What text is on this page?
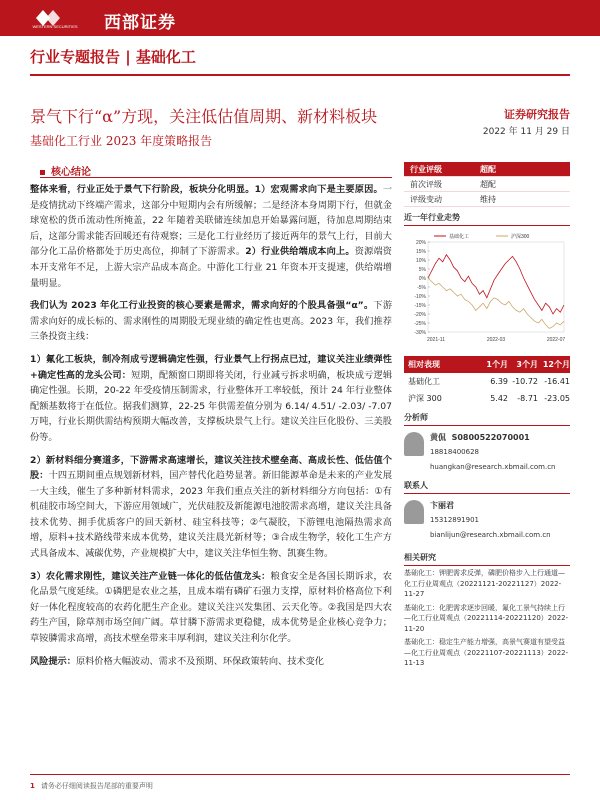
WESTERN SECURITIES 西部证券
行业专题报告 | 基础化工
景气下行“α”方现，关注低估值周期、新材料板块
基础化工行业 2023 年度策略报告
证券研究报告
2022 年 11 月 29 日
核心结论

整体来看，行业正处于景气下行阶段，板块分化明显。1）宏观需求向下是主要原因。一是疫情扰动下终端产需求，这部分中短期内会有所缓解；二是经济本身周期下行，但就金球宽松的货币流动性所掩盖，22 年随着美联储连续加息开始暴露问题，待加息周期结束后，这部分需求能否回暖还有待观察；三是化工行业经历了接近两年的景气上行，目前大部分化工品价格都处于历史高位，抑制了下游需求。2）行业供给端成本向上。资源端资本开支常年不足，上游大宗产品成本高企。中游化工行业 21 年资本开支提速，供给端增量明显。

我们认为 2023 年化工行业投资的核心要素是需求，需求向好的个股具备强“α”。下游需求向好的成长标的、需求刚性的周期股无现业绩的确定性也更高。2023 年，我们推荐三条投资主线：

1）氟化工板块，制冷剂成亏逻辑确定性强，行业景气上行拐点已过，建议关注业绩弹性+确定性高的龙头公司：短期，配额窗口期即将关闭，行业减亏拆求明确，板块成亏逻辑确定性强。长期，20-22 年受疫情压制需求，行业整体开工率较低，预计 24 年行业整体配额基数将于在低位。据我们测算，22-25 年供需差值分别为 6.14/ 4.51/ -2.03/ -7.07 万吨，行业长期供需结构预期大幅改善，支撑板块景气上行。建议关注巨化股份、三美股份等。

2）新材料细分赛道多，下游需求高速增长，建议关注技术壁垒高、高成长性、低估值个股：十四五期间重点规划新材料，国产替代化趋势显著。新旧能源革命是未来的产业发展一大主线，催生了多种新材料需求，2023 年我们重点关注的新材料细分方向包括：①有机硅胶市场空间大，下游应用领域广，光伏硅胶及新能源电池胶需求高增，建议关注具备技术优势、拥手优质客户的回天新材、硅宝科技等；②气凝胶，下游锂电池隔热需求高增，原料+技术路线带来成本优势，建议关注晨光新材等；③合成生物学，较化工生产方式具备成本、减碳优势，产业规模扩大中，建议关注华恒生物、凯赛生物。

3）农化需求刚性，建议关注产业链一体化的低估值龙头：粮食安全是各国长期诉求，农化品景气度延续。①磷肥是农业之基，且成本端有磷矿石强力支撑，原材料价格高位下利好一体化程度较高的农药化肥生产企业。建议关注兴发集团、云天化等。②我国是四大农药生产国，除草剂市场空间广阔。草甘膦下游需求更稳健，成本优势是企业核心竞争力；草铵膦需求高增，高技术壁垒带来丰厚利润，建议关注利尔化学。

风险提示：原料价格大幅波动、需求不及预期、环保政策转向、技术变化

行业评级	超配
前次评级	超配
评级变动	维持
近一年行业走势
20%
15%
10%
5%
0%
-5%
-10%
-15%
-20%
-25%
-30%
2021-11	2022-03	2022-07
基础化工	沪深300
相对表现	1个月	3个月 12个月
基础化工	6.39 -10.72 -16.41
沪深 300	5.42	-8.71 -23.05
分析师
黄侃 S0800522070001
18818400628
huangkan@research.xbmail.com.cn
联系人
卞丽君
15312891901
bianlijun@research.xbmail.com.cn
相关研究

基础化工：钾肥需求反弹，磷肥价格步入上行通道—化工行业周观点（20221121-20221127）2022-11-27

基础化工：化肥需求逐步回暖，氟化工景气持续上行—化工行业周观点（20221114-20221120）2022-11-20

基础化工：稳定生产能力增强，高景气赛道有望受益—化工行业周观点（20221107-20221113）2022-11-13

1 请务必仔细阅读报告尾部的重要声明
